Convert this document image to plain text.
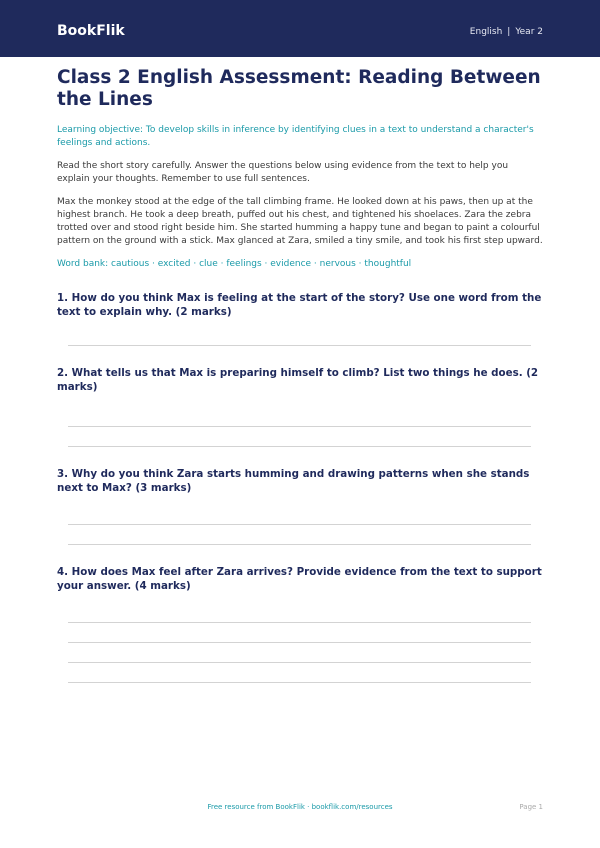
BookFlik	English | Year 2
Class 2 English Assessment: Reading Between the Lines

Learning objective: To develop skills in inference by identifying clues in a text to understand a character's feelings and actions.

Read the short story carefully. Answer the questions below using evidence from the text to help you explain your thoughts. Remember to use full sentences.

Max the monkey stood at the edge of the tall climbing frame. He looked down at his paws, then up at the highest branch. He took a deep breath, puffed out his chest, and tightened his shoelaces. Zara the zebra trotted over and stood right beside him. She started humming a happy tune and began to paint a colourful pattern on the ground with a stick. Max glanced at Zara, smiled a tiny smile, and took his first step upward.

Word bank: cautious · excited · clue · feelings · evidence · nervous · thoughtful

1. How do you think Max is feeling at the start of the story? Use one word from the text to explain why. (2 marks)
2. What tells us that Max is preparing himself to climb? List two things he does. (2 marks)
3. Why do you think Zara starts humming and drawing patterns when she stands next to Max? (3 marks)
4. How does Max feel after Zara arrives? Provide evidence from the text to support your answer. (4 marks)
Free resource from BookFlik · bookflik.com/resources	Page 1
